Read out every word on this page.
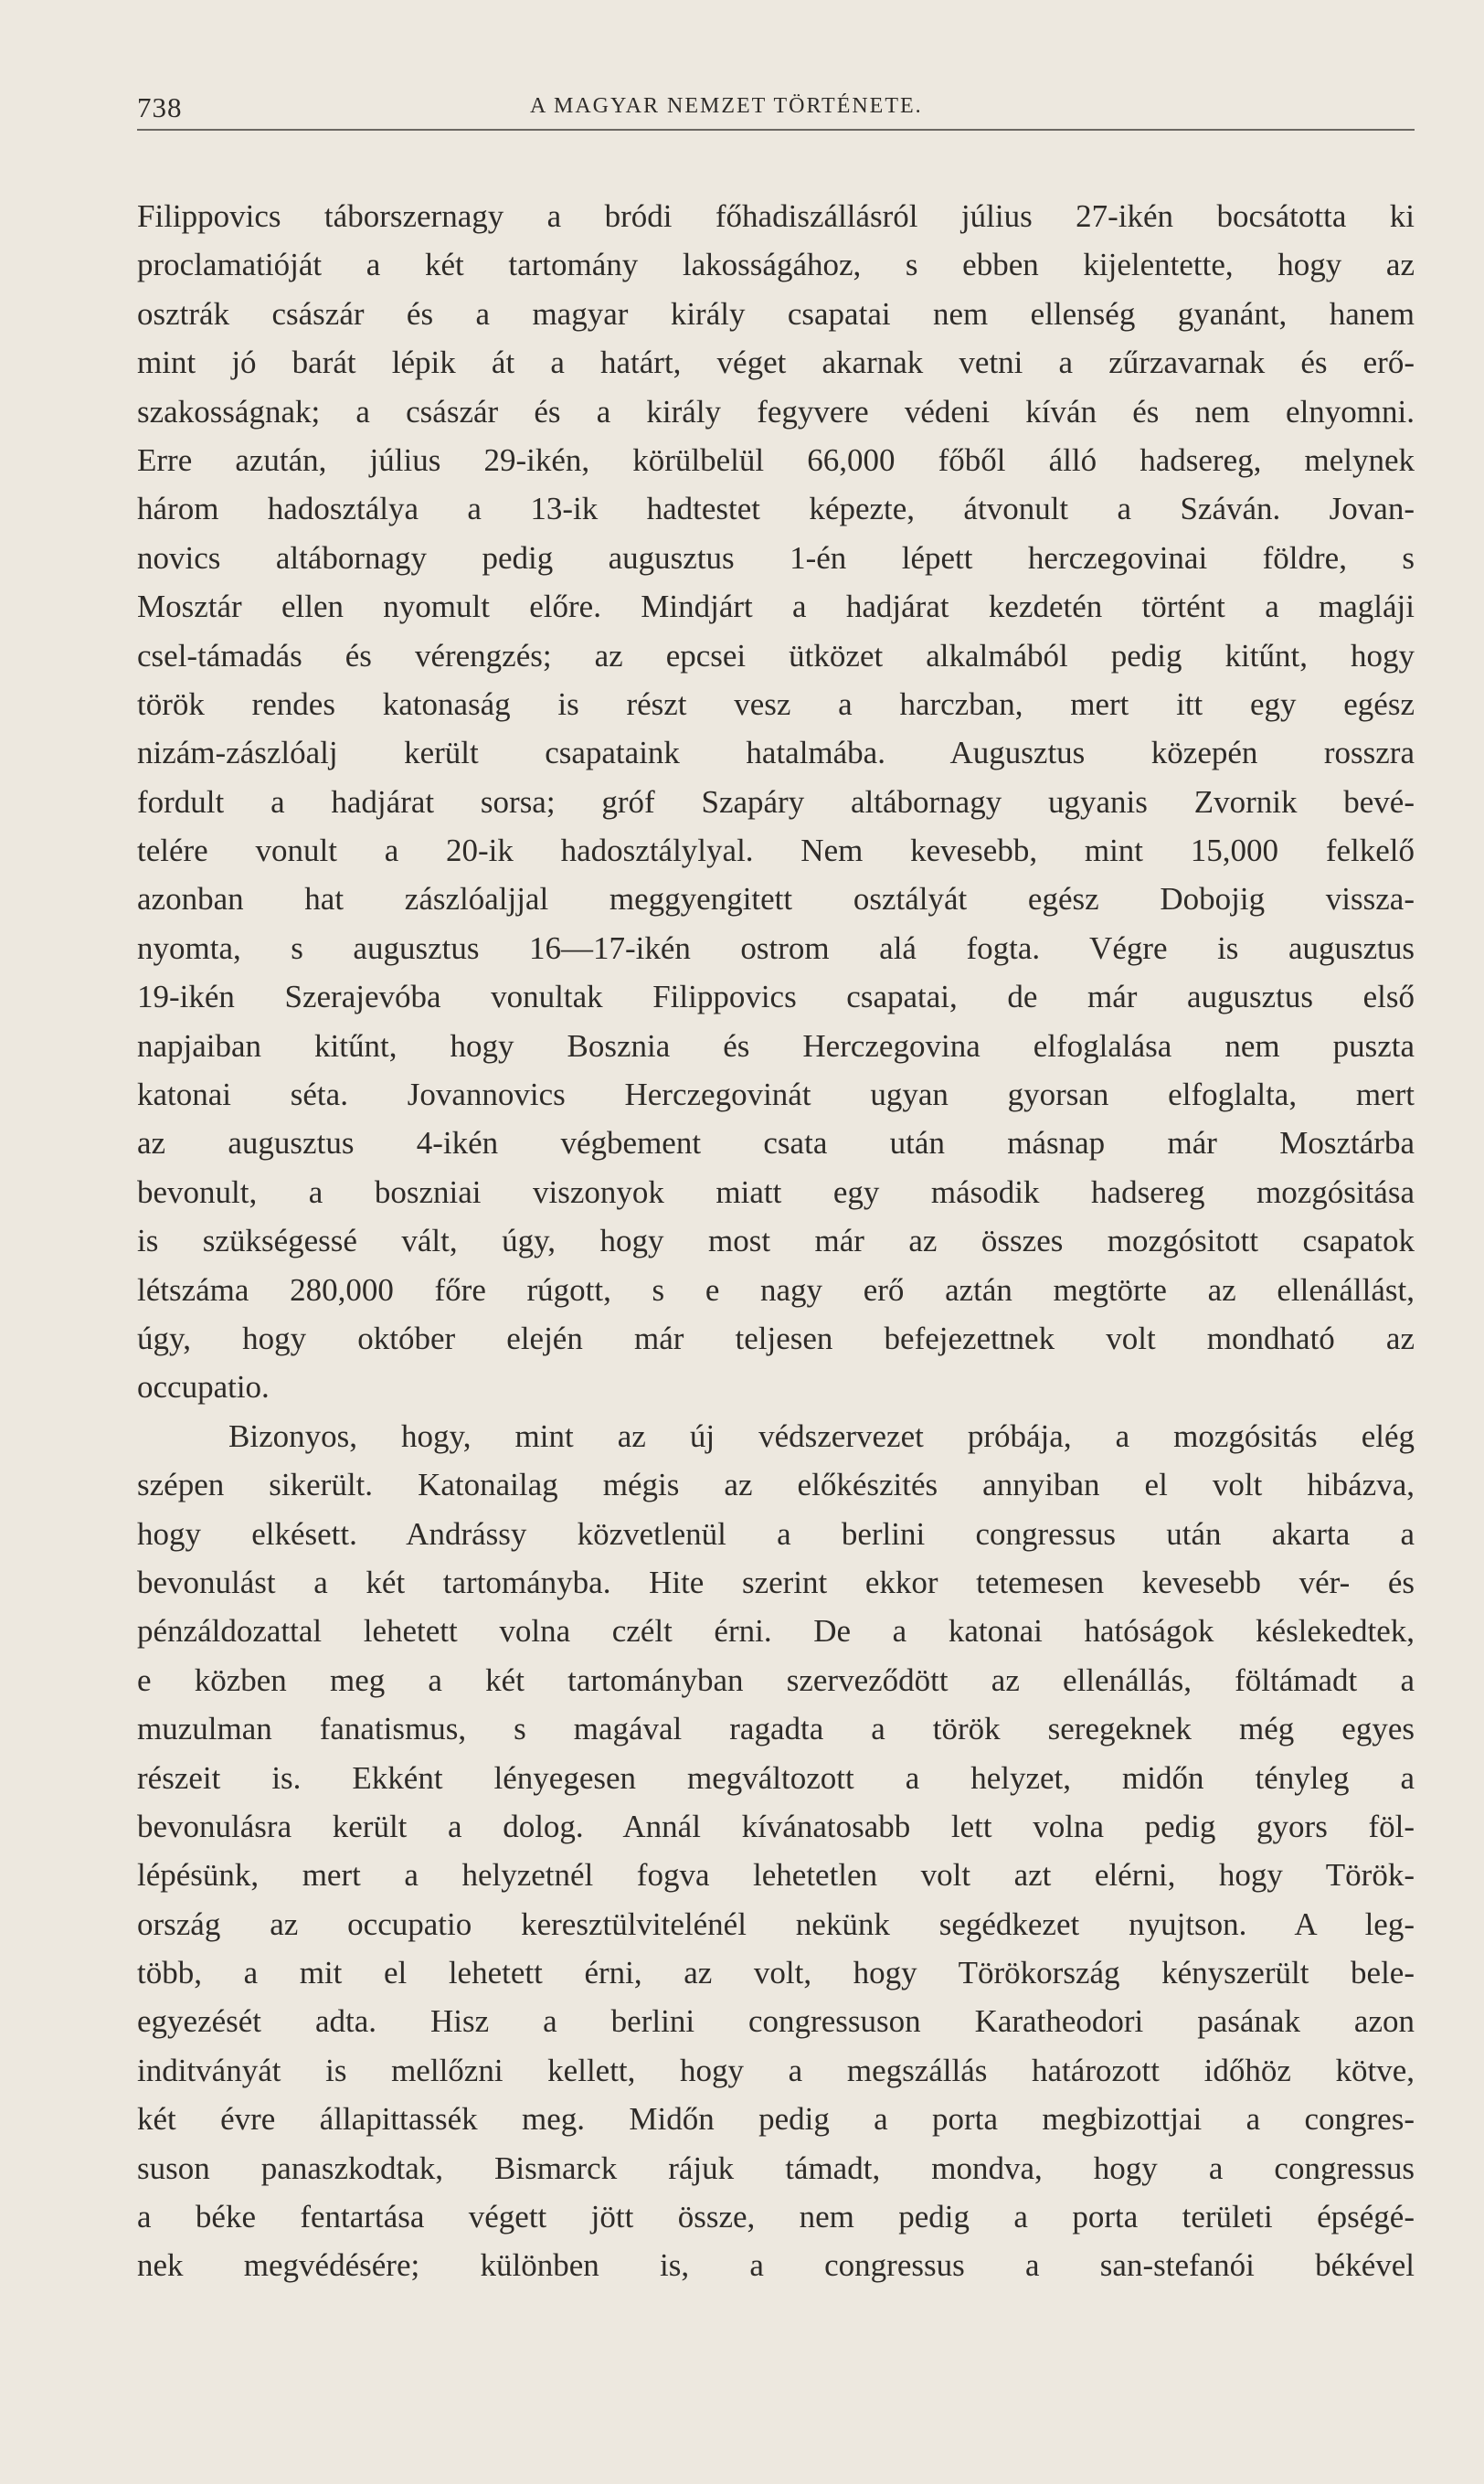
738	A MAGYAR NEMZET TÖRTÉNETE.
Filippovics táborszernagy a bródi főhadiszállásról július 27-ikén bocsátotta ki
proclamatióját a két tartomány lakosságához, s ebben kijelentette, hogy az
osztrák császár és a magyar király csapatai nem ellenség gyanánt, hanem
mint jó barát lépik át a határt, véget akarnak vetni a zűrzavarnak és erő-
szakosságnak; a császár és a király fegyvere védeni kíván és nem elnyomni.
Erre azután, július 29-ikén, körülbelül 66,000 főből álló hadsereg, melynek
három hadosztálya a 13-ik hadtestet képezte, átvonult a Száván. Jovan-
novics altábornagy pedig augusztus 1-én lépett herczegovinai földre, s
Mosztár ellen nyomult előre. Mindjárt a hadjárat kezdetén történt a magláji
csel-támadás és vérengzés; az epcsei ütközet alkalmából pedig kitűnt, hogy
török rendes katonaság is részt vesz a harczban, mert itt egy egész
nizám-zászlóalj került csapataink hatalmába. Augusztus közepén rosszra
fordult a hadjárat sorsa; gróf Szapáry altábornagy ugyanis Zvornik bevé-
telére vonult a 20-ik hadosztálylyal. Nem kevesebb, mint 15,000 felkelő
azonban hat zászlóaljjal meggyengitett osztályát egész Dobojig vissza-
nyomta, s augusztus 16—17-ikén ostrom alá fogta. Végre is augusztus
19-ikén Szerajevóba vonultak Filippovics csapatai, de már augusztus első
napjaiban kitűnt, hogy Bosznia és Herczegovina elfoglalása nem puszta
katonai séta. Jovannovics Herczegovinát ugyan gyorsan elfoglalta, mert
az augusztus 4-ikén végbement csata után másnap már Mosztárba
bevonult, a boszniai viszonyok miatt egy második hadsereg mozgósitása
is szükségessé vált, úgy, hogy most már az összes mozgósitott csapatok
létszáma 280,000 főre rúgott, s e nagy erő aztán megtörte az ellenállást,
úgy, hogy október elején már teljesen befejezettnek volt mondható az
occupatio.
Bizonyos, hogy, mint az új védszervezet próbája, a mozgósitás elég
szépen sikerült. Katonailag mégis az előkészités annyiban el volt hibázva,
hogy elkésett. Andrássy közvetlenül a berlini congressus után akarta a
bevonulást a két tartományba. Hite szerint ekkor tetemesen kevesebb vér- és
pénzáldozattal lehetett volna czélt érni. De a katonai hatóságok késlekedtek,
e közben meg a két tartományban szerveződött az ellenállás, föltámadt a
muzulman fanatismus, s magával ragadta a török seregeknek még egyes
részeit is. Ekként lényegesen megváltozott a helyzet, midőn tényleg a
bevonulásra került a dolog. Annál kívánatosabb lett volna pedig gyors föl-
lépésünk, mert a helyzetnél fogva lehetetlen volt azt elérni, hogy Török-
ország az occupatio keresztülvitelénél nekünk segédkezet nyujtson. A leg-
több, a mit el lehetett érni, az volt, hogy Törökország kényszerült bele-
egyezését adta. Hisz a berlini congressuson Karatheodori pasának azon
inditványát is mellőzni kellett, hogy a megszállás határozott időhöz kötve,
két évre állapittassék meg. Midőn pedig a porta megbizottjai a congres-
suson panaszkodtak, Bismarck rájuk támadt, mondva, hogy a congressus
a béke fentartása végett jött össze, nem pedig a porta területi épségé-
nek megvédésére; különben is, a congressus a san-stefanói békével
